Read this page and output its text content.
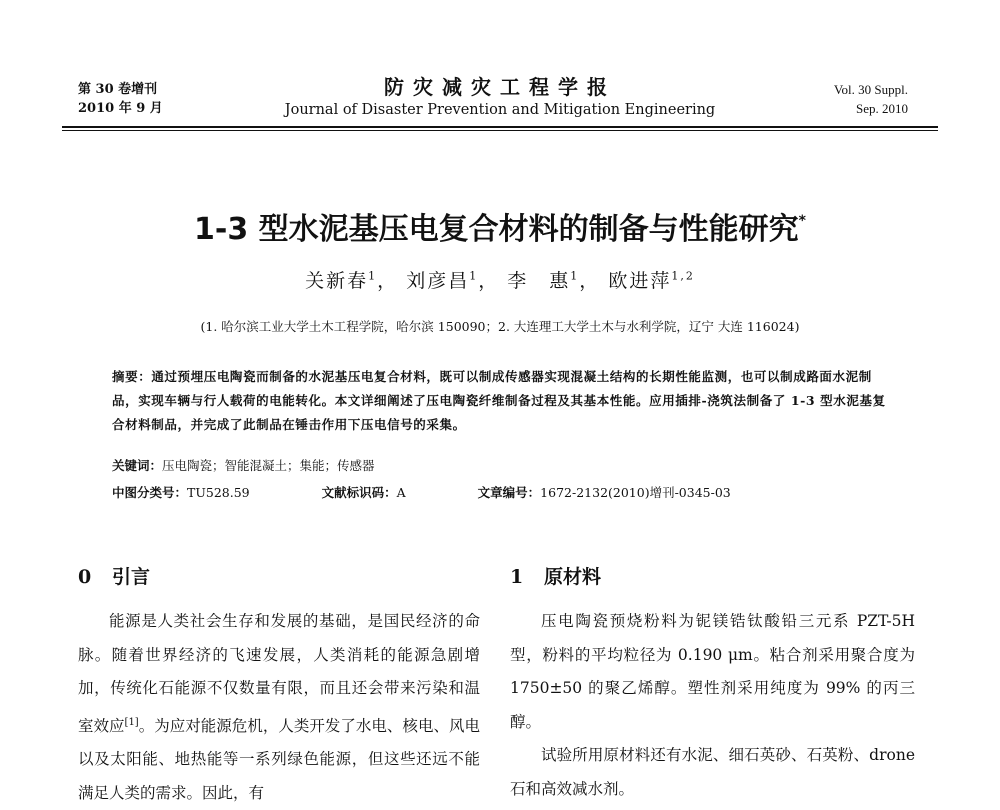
第 30 卷增刊
2010 年 9 月
防灾减灾工程学报
Journal of Disaster Prevention and Mitigation Engineering
Vol. 30 Suppl.
Sep. 2010
1-3 型水泥基压电复合材料的制备与性能研究*
关新春$^1$， 刘彦昌$^1$， 李　惠$^1$， 欧进萍$^{1,2}$
(1. 哈尔滨工业大学土木工程学院，哈尔滨 150090；2. 大连理工大学土木与水利学院，辽宁 大连 116024)
摘要：通过预埋压电陶瓷而制备的水泥基压电复合材料，既可以制成传感器实现混凝土结构的长期性能监测，也可以制成路面水泥制品，实现车辆与行人载荷的电能转化。本文详细阐述了压电陶瓷纤维制备过程及其基本性能。应用插排-浇筑法制备了 1-3 型水泥基复合材料制品，并完成了此制品在锤击作用下压电信号的采集。
关键词：压电陶瓷；智能混凝土；集能；传感器
中图分类号：TU528.59	文献标识码：A	文章编号：1672-2132(2010)增刊-0345-03
0 引言

能源是人类社会生存和发展的基础，是国民经济的命脉。随着世界经济的飞速发展，人类消耗的能源急剧增加，传统化石能源不仅数量有限，而且还会带来污染和温室效应[1]。为应对能源危机，人类开发了水电、核电、风电以及太阳能、地热能等一系列绿色能源，但这些还远不能满足人类的需求。因此，有

1 原材料

压电陶瓷预烧粉料为铌镁锆钛酸铅三元系 PZT-5H 型，粉料的平均粒径为 0.190 μm。粘合剂采用聚合度为 1750±50 的聚乙烯醇。塑性剂采用纯度为 99% 的丙三醇。

试验所用原材料还有水泥、细石英砂、石英粉、drone石和高效减水剂。
